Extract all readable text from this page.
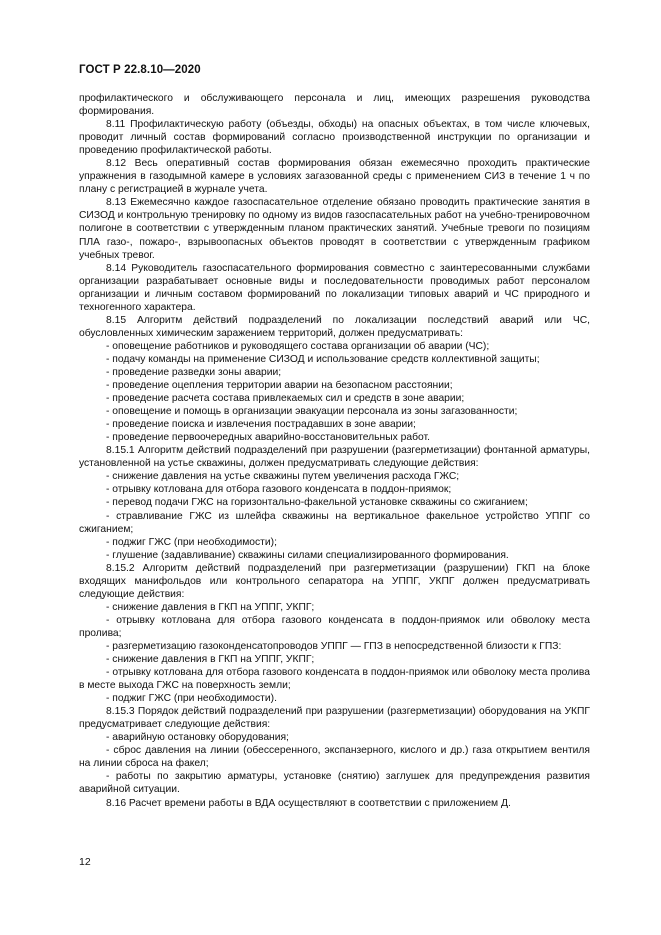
ГОСТ Р 22.8.10—2020

профилактического и обслуживающего персонала и лиц, имеющих разрешения руководства формирования.

8.11 Профилактическую работу (объезды, обходы) на опасных объектах, в том числе ключевых, проводит личный состав формирований согласно производственной инструкции по организации и проведению профилактической работы.

8.12 Весь оперативный состав формирования обязан ежемесячно проходить практические упражнения в газодымной камере в условиях загазованной среды с применением СИЗ в течение 1 ч по плану с регистрацией в журнале учета.

8.13 Ежемесячно каждое газоспасательное отделение обязано проводить практические занятия в СИЗОД и контрольную тренировку по одному из видов газоспасательных работ на учебно-тренировочном полигоне в соответствии с утвержденным планом практических занятий. Учебные тревоги по позициям ПЛА газо-, пожаро-, взрывоопасных объектов проводят в соответствии с утвержденным графиком учебных тревог.

8.14 Руководитель газоспасательного формирования совместно с заинтересованными службами организации разрабатывает основные виды и последовательности проводимых работ персоналом организации и личным составом формирований по локализации типовых аварий и ЧС природного и техногенного характера.

8.15 Алгоритм действий подразделений по локализации последствий аварий или ЧС, обусловленных химическим заражением территорий, должен предусматривать:

- оповещение работников и руководящего состава организации об аварии (ЧС);

- подачу команды на применение СИЗОД и использование средств коллективной защиты;

- проведение разведки зоны аварии;

- проведение оцепления территории аварии на безопасном расстоянии;

- проведение расчета состава привлекаемых сил и средств в зоне аварии;

- оповещение и помощь в организации эвакуации персонала из зоны загазованности;

- проведение поиска и извлечения пострадавших в зоне аварии;

- проведение первоочередных аварийно-восстановительных работ.

8.15.1 Алгоритм действий подразделений при разрушении (разгерметизации) фонтанной арматуры, установленной на устье скважины, должен предусматривать следующие действия:

- снижение давления на устье скважины путем увеличения расхода ГЖС;

- отрывку котлована для отбора газового конденсата в поддон-приямок;

- перевод подачи ГЖС на горизонтально-факельной установке скважины со сжиганием;

- стравливание ГЖС из шлейфа скважины на вертикальное факельное устройство УППГ со сжиганием;

- поджиг ГЖС (при необходимости);

- глушение (задавливание) скважины силами специализированного формирования.

8.15.2 Алгоритм действий подразделений при разгерметизации (разрушении) ГКП на блоке входящих манифольдов или контрольного сепаратора на УППГ, УКПГ должен предусматривать следующие действия:

- снижение давления в ГКП на УППГ, УКПГ;

- отрывку котлована для отбора газового конденсата в поддон-приямок или обволоку места пролива;

- разгерметизацию газоконденсатопроводов УППГ — ГПЗ в непосредственной близости к ГПЗ:

- снижение давления в ГКП на УППГ, УКПГ;

- отрывку котлована для отбора газового конденсата в поддон-приямок или обволоку места пролива в месте выхода ГЖС на поверхность земли;

- поджиг ГЖС (при необходимости).

8.15.3 Порядок действий подразделений при разрушении (разгерметизации) оборудования на УКПГ предусматривает следующие действия:

- аварийную остановку оборудования;

- сброс давления на линии (обессеренного, экспанзерного, кислого и др.) газа открытием вентиля на линии сброса на факел;

- работы по закрытию арматуры, установке (снятию) заглушек для предупреждения развития аварийной ситуации.

8.16 Расчет времени работы в ВДА осуществляют в соответствии с приложением Д.

12
